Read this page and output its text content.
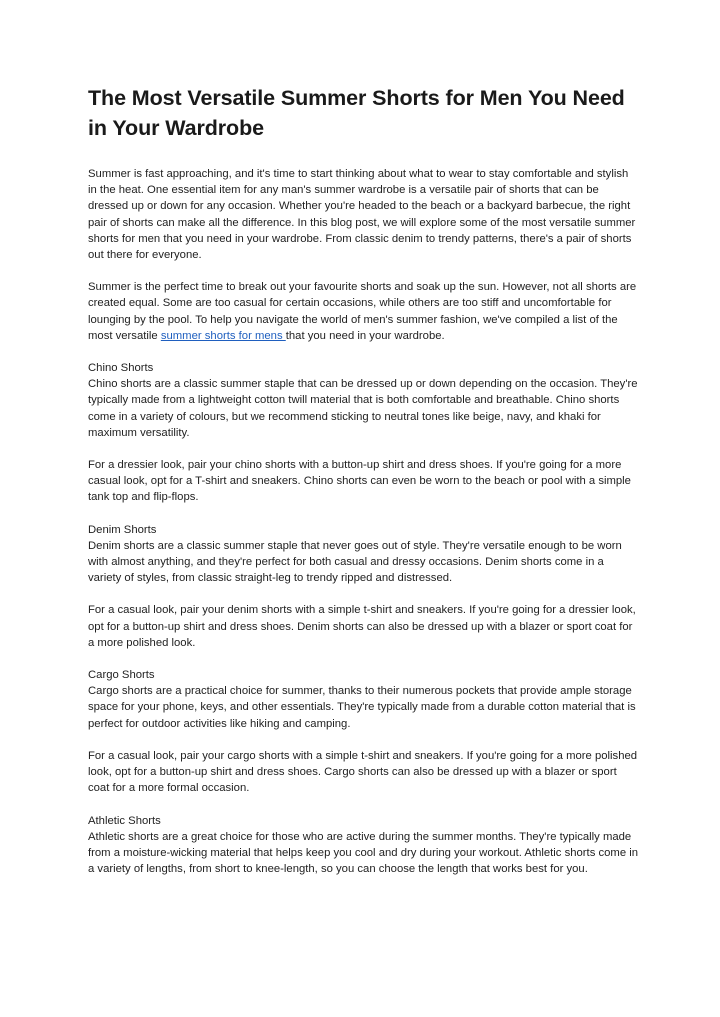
The Most Versatile Summer Shorts for Men You Need in Your Wardrobe

Summer is fast approaching, and it's time to start thinking about what to wear to stay comfortable and stylish in the heat. One essential item for any man's summer wardrobe is a versatile pair of shorts that can be dressed up or down for any occasion. Whether you're headed to the beach or a backyard barbecue, the right pair of shorts can make all the difference. In this blog post, we will explore some of the most versatile summer shorts for men that you need in your wardrobe. From classic denim to trendy patterns, there's a pair of shorts out there for everyone.

Summer is the perfect time to break out your favourite shorts and soak up the sun. However, not all shorts are created equal. Some are too casual for certain occasions, while others are too stiff and uncomfortable for lounging by the pool. To help you navigate the world of men's summer fashion, we've compiled a list of the most versatile summer shorts for mens that you need in your wardrobe.

Chino Shorts

Chino shorts are a classic summer staple that can be dressed up or down depending on the occasion. They're typically made from a lightweight cotton twill material that is both comfortable and breathable. Chino shorts come in a variety of colours, but we recommend sticking to neutral tones like beige, navy, and khaki for maximum versatility.

For a dressier look, pair your chino shorts with a button-up shirt and dress shoes. If you're going for a more casual look, opt for a T-shirt and sneakers. Chino shorts can even be worn to the beach or pool with a simple tank top and flip-flops.

Denim Shorts

Denim shorts are a classic summer staple that never goes out of style. They're versatile enough to be worn with almost anything, and they're perfect for both casual and dressy occasions. Denim shorts come in a variety of styles, from classic straight-leg to trendy ripped and distressed.

For a casual look, pair your denim shorts with a simple t-shirt and sneakers. If you're going for a dressier look, opt for a button-up shirt and dress shoes. Denim shorts can also be dressed up with a blazer or sport coat for a more polished look.

Cargo Shorts

Cargo shorts are a practical choice for summer, thanks to their numerous pockets that provide ample storage space for your phone, keys, and other essentials. They're typically made from a durable cotton material that is perfect for outdoor activities like hiking and camping.

For a casual look, pair your cargo shorts with a simple t-shirt and sneakers. If you're going for a more polished look, opt for a button-up shirt and dress shoes. Cargo shorts can also be dressed up with a blazer or sport coat for a more formal occasion.

Athletic Shorts

Athletic shorts are a great choice for those who are active during the summer months. They're typically made from a moisture-wicking material that helps keep you cool and dry during your workout. Athletic shorts come in a variety of lengths, from short to knee-length, so you can choose the length that works best for you.
